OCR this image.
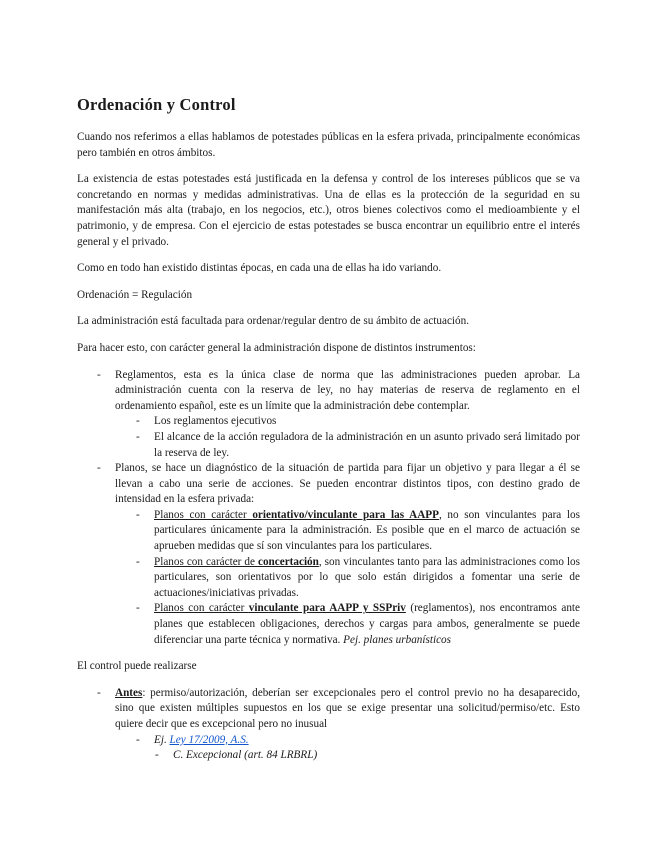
Ordenación y Control

Cuando nos referimos a ellas hablamos de potestades públicas en la esfera privada, principalmente económicas pero también en otros ámbitos.

La existencia de estas potestades está justificada en la defensa y control de los intereses públicos que se va concretando en normas y medidas administrativas. Una de ellas es la protección de la seguridad en su manifestación más alta (trabajo, en los negocios, etc.), otros bienes colectivos como el medioambiente y el patrimonio, y de empresa. Con el ejercicio de estas potestades se busca encontrar un equilibrio entre el interés general y el privado.

Como en todo han existido distintas épocas, en cada una de ellas ha ido variando.

Ordenación = Regulación

La administración está facultada para ordenar/regular dentro de su ámbito de actuación.

Para hacer esto, con carácter general la administración dispone de distintos instrumentos:

- Reglamentos, esta es la única clase de norma que las administraciones pueden aprobar. La administración cuenta con la reserva de ley, no hay materias de reserva de reglamento en el ordenamiento español, este es un límite que la administración debe contemplar.
- Los reglamentos ejecutivos
- El alcance de la acción reguladora de la administración en un asunto privado será limitado por la reserva de ley.
- Planos, se hace un diagnóstico de la situación de partida para fijar un objetivo y para llegar a él se llevan a cabo una serie de acciones. Se pueden encontrar distintos tipos, con destino grado de intensidad en la esfera privada:
- Planos con carácter orientativo/vinculante para las AAPP, no son vinculantes para los particulares únicamente para la administración. Es posible que en el marco de actuación se aprueben medidas que sí son vinculantes para los particulares.
- Planos con carácter de concertación, son vinculantes tanto para las administraciones como los particulares, son orientativos por lo que solo están dirigidos a fomentar una serie de actuaciones/iniciativas privadas.
- Planos con carácter vinculante para AAPP y SSPriv (reglamentos), nos encontramos ante planes que establecen obligaciones, derechos y cargas para ambos, generalmente se puede diferenciar una parte técnica y normativa. Pej. planes urbanísticos

El control puede realizarse

- Antes: permiso/autorización, deberían ser excepcionales pero el control previo no ha desaparecido, sino que existen múltiples supuestos en los que se exige presentar una solicitud/permiso/etc. Esto quiere decir que es excepcional pero no inusual
- Ej. Ley 17/2009, A.S.
- C. Excepcional (art. 84 LRBRL)
